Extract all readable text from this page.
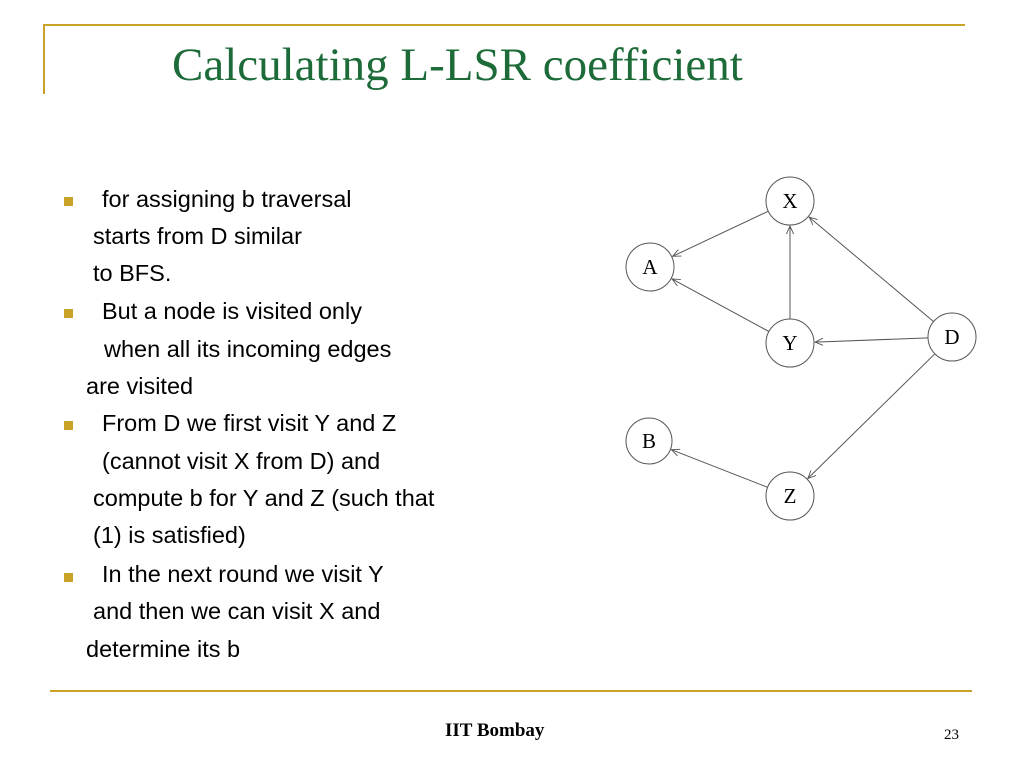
Calculating L-LSR coefficient
for assigning b traversal
starts from D similar
to BFS.
But a node is visited only
when all its incoming edges
are visited
From D we first visit Y and Z
(cannot visit X from D) and
compute b for Y and Z (such that
(1) is satisfied)
In the next round we visit Y
and then we can visit X and
determine its b
X
A
Y	D
B
Z
IIT Bombay	23
